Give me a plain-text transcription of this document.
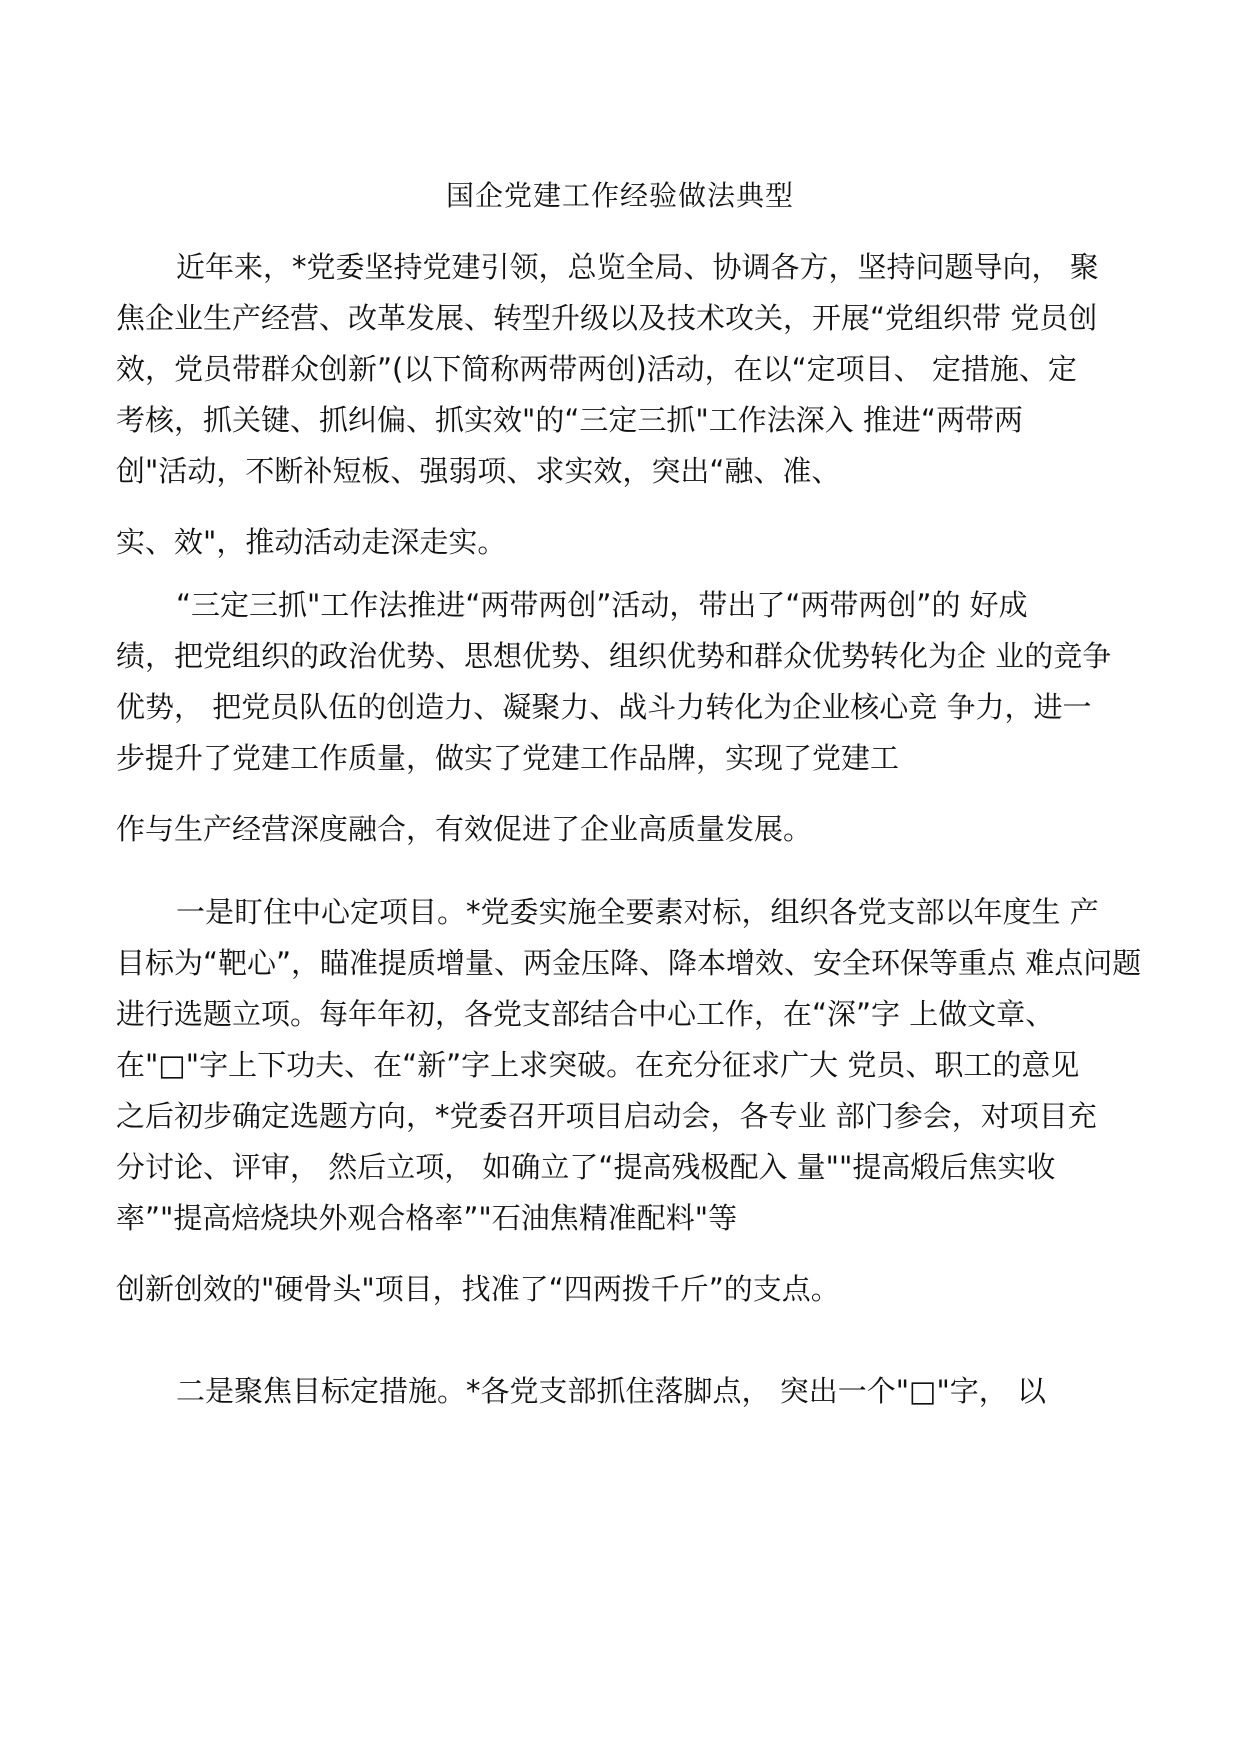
国企党建工作经验做法典型

近年来，*党委坚持党建引领，总览全局、协调各方，坚持问题导向， 聚

焦企业生产经营、改革发展、转型升级以及技术攻关，开展“党组织带 党员创

效，党员带群众创新”(以下简称两带两创)活动，在以“定项目、 定措施、定

考核，抓关键、抓纠偏、抓实效"的“三定三抓"工作法深入 推进“两带两

创"活动，不断补短板、强弱项、求实效，突出“融、准、

实、效"，推动活动走深走实。

“三定三抓"工作法推进“两带两创”活动，带出了“两带两创”的 好成

绩，把党组织的政治优势、思想优势、组织优势和群众优势转化为企 业的竞争

优势， 把党员队伍的创造力、凝聚力、战斗力转化为企业核心竞 争力，进一

步提升了党建工作质量，做实了党建工作品牌，实现了党建工

作与生产经营深度融合，有效促进了企业高质量发展。

一是盯住中心定项目。*党委实施全要素对标，组织各党支部以年度生 产

目标为“靶心”，瞄准提质增量、两金压降、降本增效、安全环保等重点 难点问题

进行选题立项。每年年初，各党支部结合中心工作，在“深”字 上做文章、

在"□"字上下功夫、在“新”字上求突破。在充分征求广大 党员、职工的意见

之后初步确定选题方向，*党委召开项目启动会，各专业 部门参会，对项目充

分讨论、评审， 然后立项， 如确立了“提高残极配入 量""提高煅后焦实收

率”"提高焙烧块外观合格率”"石油焦精准配料"等

创新创效的"硬骨头"项目，找准了“四两拨千斤”的支点。

二是聚焦目标定措施。*各党支部抓住落脚点， 突出一个"□"字， 以
